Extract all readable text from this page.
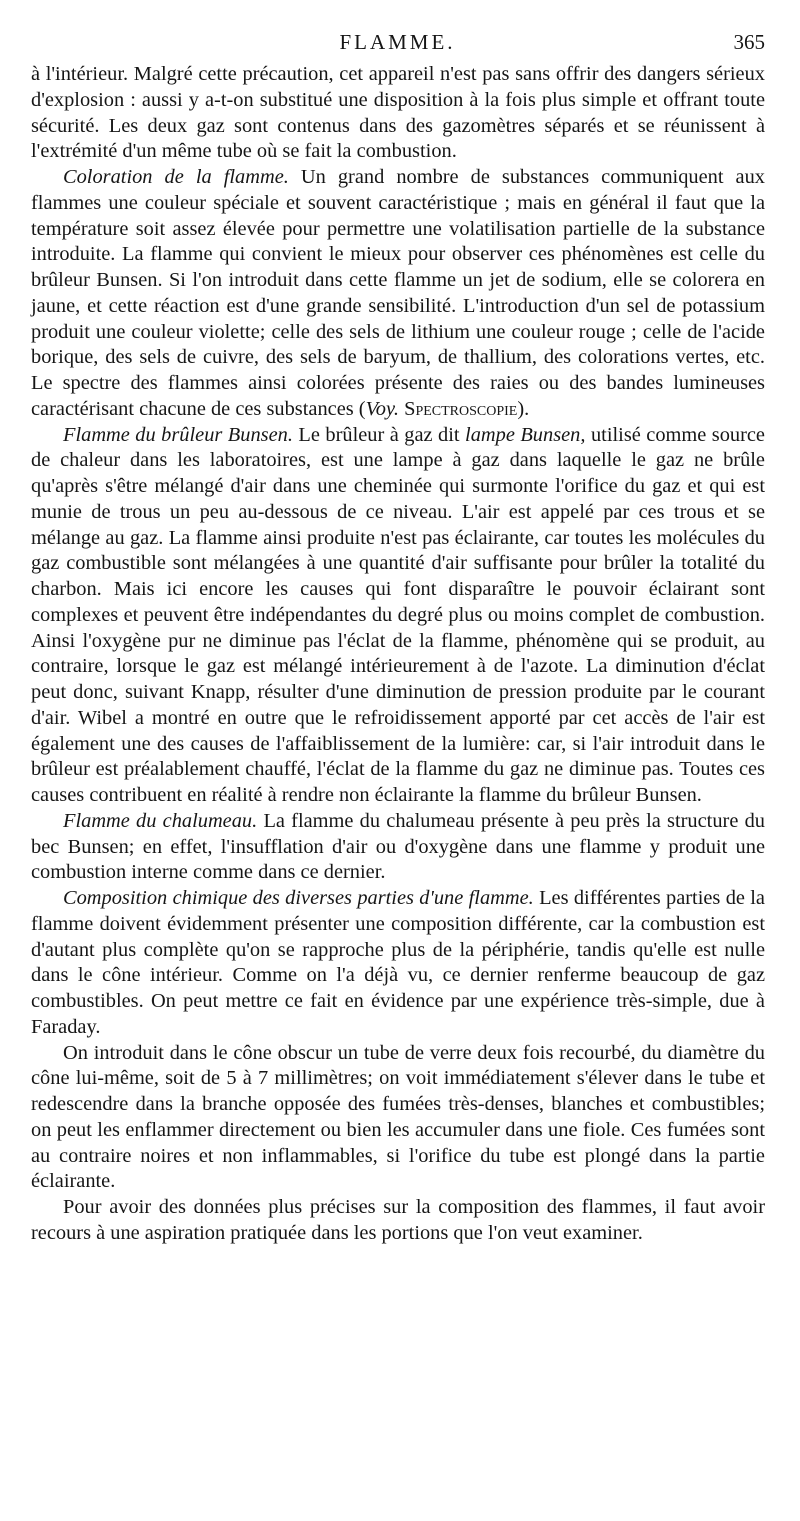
FLAMME.	365

à l'intérieur. Malgré cette précaution, cet appareil n'est pas sans offrir des dangers sérieux d'explosion : aussi y a-t-on substitué une disposition à la fois plus simple et offrant toute sécurité. Les deux gaz sont contenus dans des gazomètres séparés et se réunissent à l'extrémité d'un même tube où se fait la combustion.

Coloration de la flamme. Un grand nombre de substances communiquent aux flammes une couleur spéciale et souvent caractéristique ; mais en général il faut que la température soit assez élevée pour permettre une volatilisation partielle de la substance introduite. La flamme qui convient le mieux pour observer ces phénomènes est celle du brûleur Bunsen. Si l'on introduit dans cette flamme un jet de sodium, elle se colorera en jaune, et cette réaction est d'une grande sensibilité. L'introduction d'un sel de potassium produit une couleur violette; celle des sels de lithium une couleur rouge ; celle de l'acide borique, des sels de cuivre, des sels de baryum, de thallium, des colorations vertes, etc. Le spectre des flammes ainsi colorées présente des raies ou des bandes lumineuses caractérisant chacune de ces substances (Voy. Spectroscopie).

Flamme du brûleur Bunsen. Le brûleur à gaz dit lampe Bunsen, utilisé comme source de chaleur dans les laboratoires, est une lampe à gaz dans laquelle le gaz ne brûle qu'après s'être mélangé d'air dans une cheminée qui surmonte l'orifice du gaz et qui est munie de trous un peu au-dessous de ce niveau. L'air est appelé par ces trous et se mélange au gaz. La flamme ainsi produite n'est pas éclairante, car toutes les molécules du gaz combustible sont mélangées à une quantité d'air suffisante pour brûler la totalité du charbon. Mais ici encore les causes qui font disparaître le pouvoir éclairant sont complexes et peuvent être indépendantes du degré plus ou moins complet de combustion. Ainsi l'oxygène pur ne diminue pas l'éclat de la flamme, phénomène qui se produit, au contraire, lorsque le gaz est mélangé intérieurement à de l'azote. La diminution d'éclat peut donc, suivant Knapp, résulter d'une diminution de pression produite par le courant d'air. Wibel a montré en outre que le refroidissement apporté par cet accès de l'air est également une des causes de l'affaiblissement de la lumière: car, si l'air introduit dans le brûleur est préalablement chauffé, l'éclat de la flamme du gaz ne diminue pas. Toutes ces causes contribuent en réalité à rendre non éclairante la flamme du brûleur Bunsen.

Flamme du chalumeau. La flamme du chalumeau présente à peu près la structure du bec Bunsen; en effet, l'insufflation d'air ou d'oxygène dans une flamme y produit une combustion interne comme dans ce dernier.

Composition chimique des diverses parties d'une flamme. Les différentes parties de la flamme doivent évidemment présenter une composition différente, car la combustion est d'autant plus complète qu'on se rapproche plus de la périphérie, tandis qu'elle est nulle dans le cône intérieur. Comme on l'a déjà vu, ce dernier renferme beaucoup de gaz combustibles. On peut mettre ce fait en évidence par une expérience très-simple, due à Faraday.

On introduit dans le cône obscur un tube de verre deux fois recourbé, du diamètre du cône lui-même, soit de 5 à 7 millimètres; on voit immédiatement s'élever dans le tube et redescendre dans la branche opposée des fumées très-denses, blanches et combustibles; on peut les enflammer directement ou bien les accumuler dans une fiole. Ces fumées sont au contraire noires et non inflammables, si l'orifice du tube est plongé dans la partie éclairante.

Pour avoir des données plus précises sur la composition des flammes, il faut avoir recours à une aspiration pratiquée dans les portions que l'on veut examiner.
